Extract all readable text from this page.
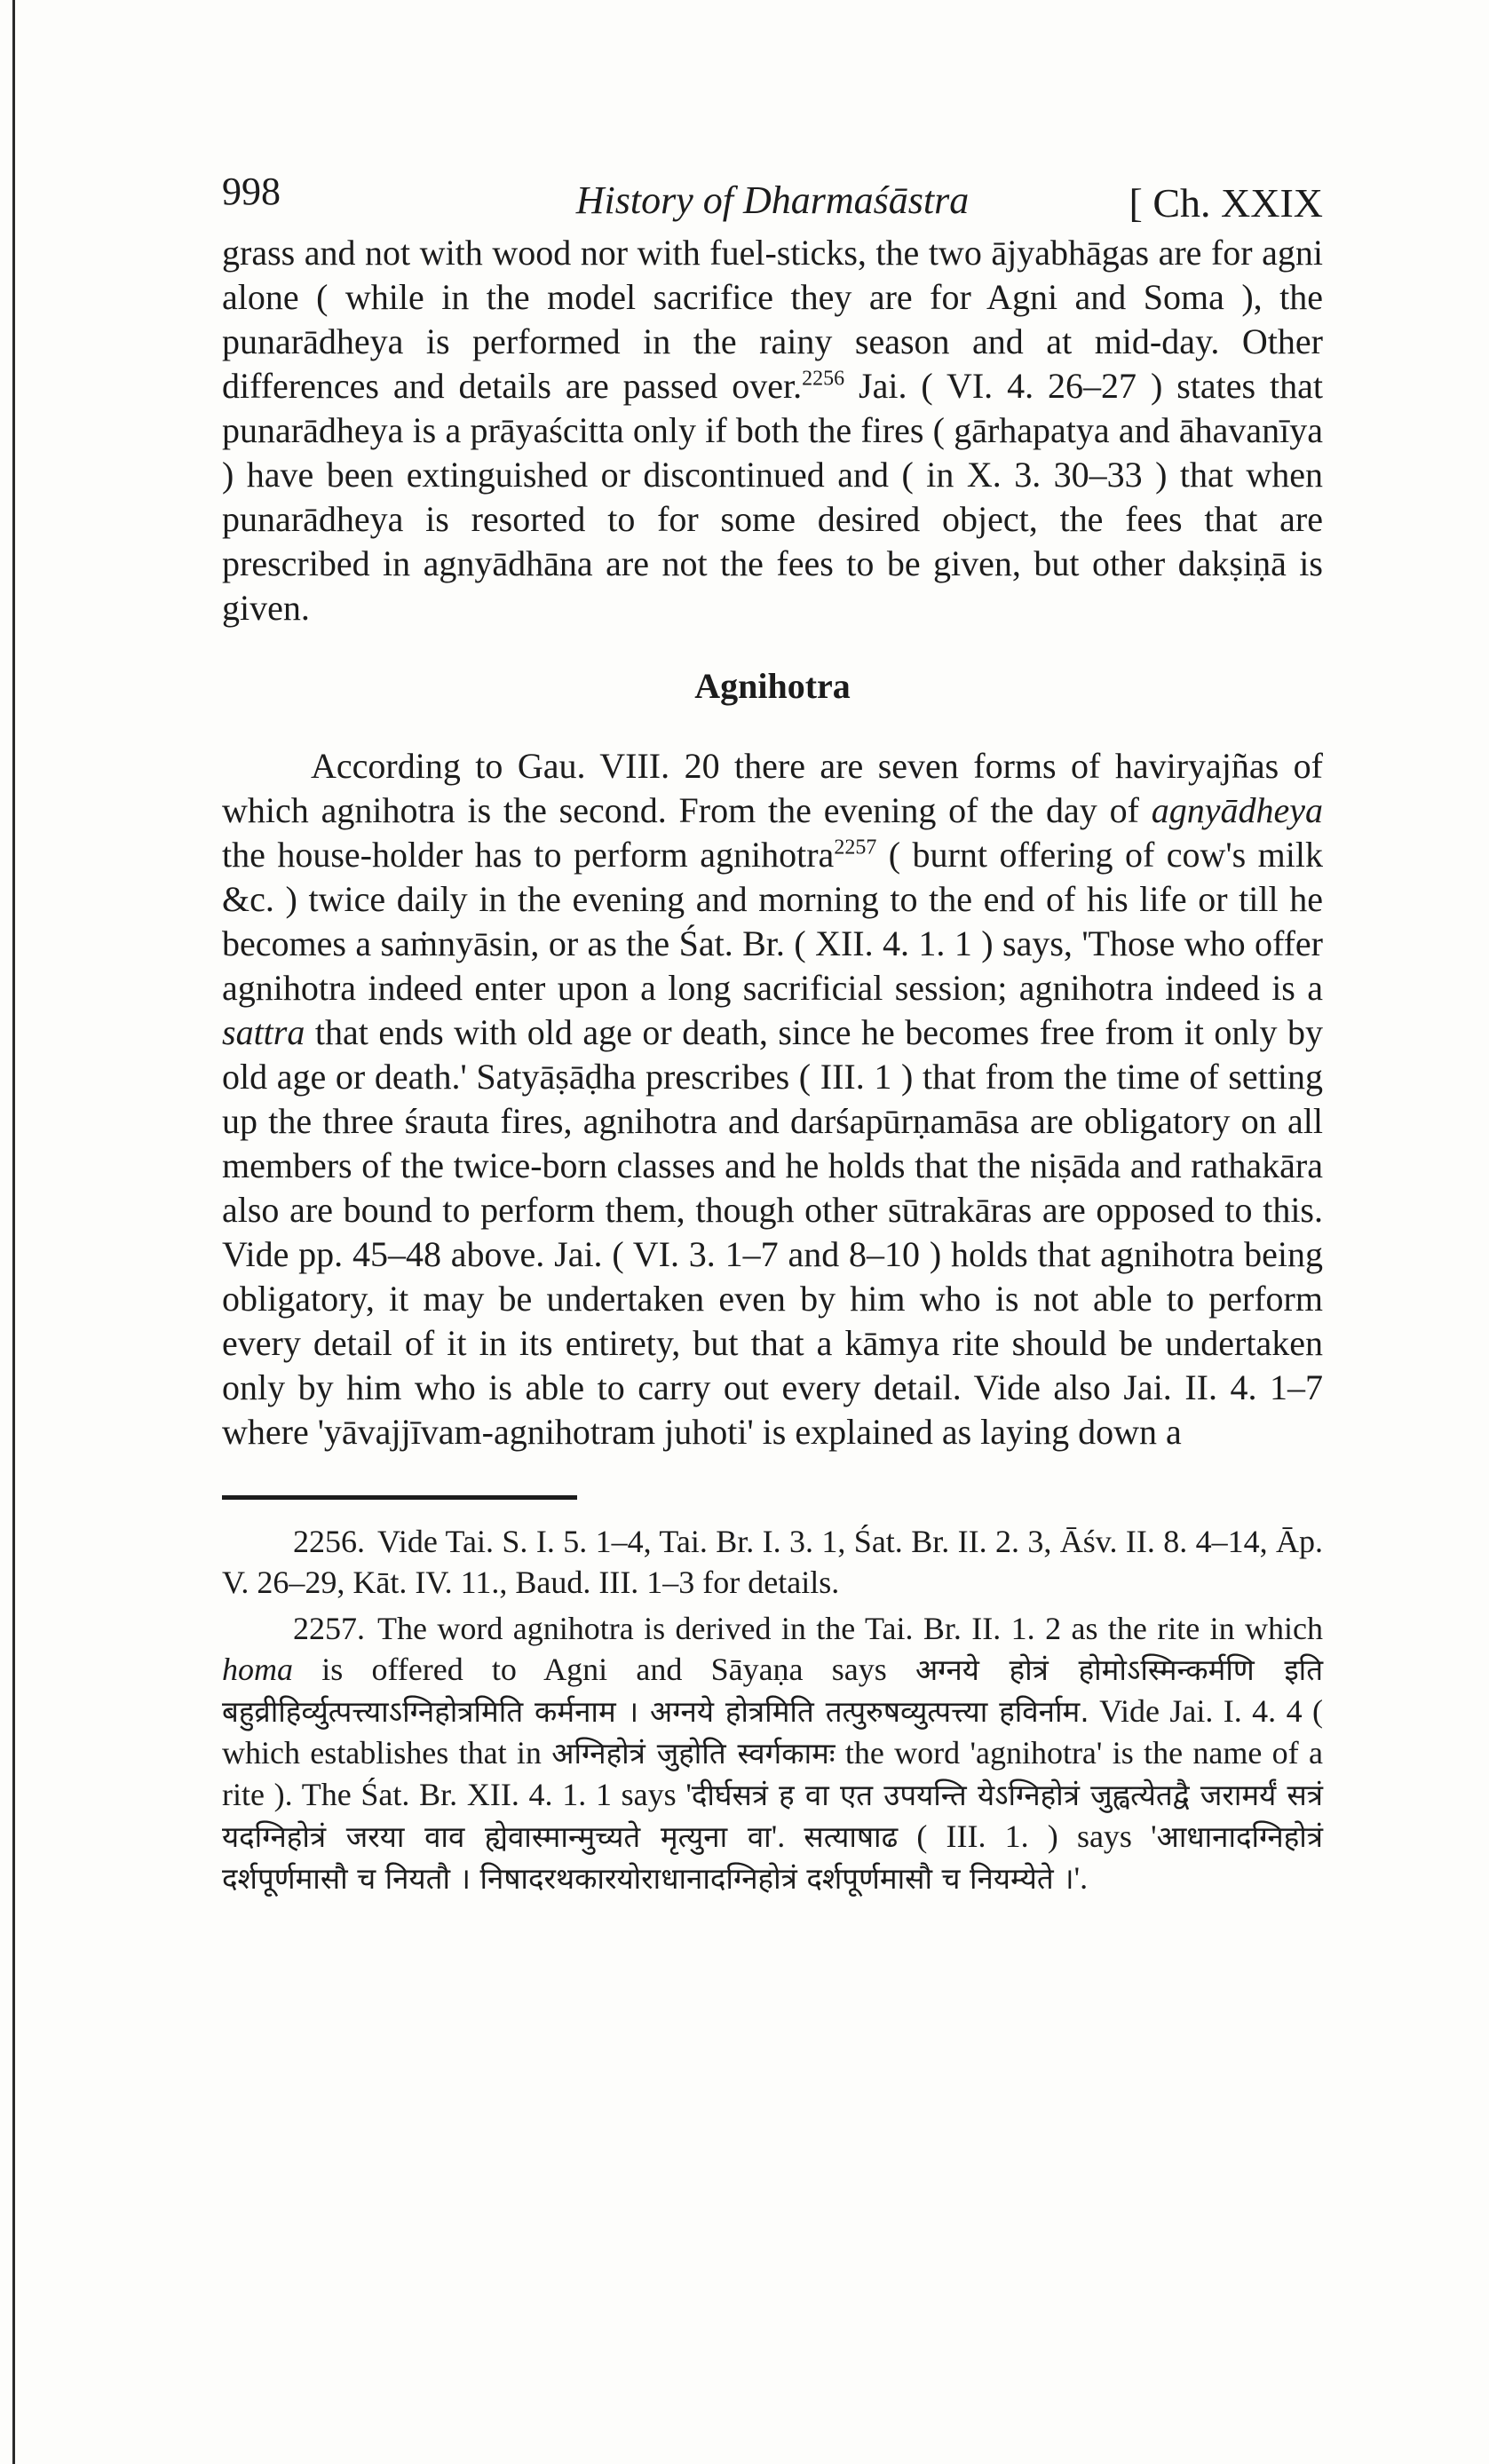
998	History of Dharmaśāstra	[ Ch. XXIX

grass and not with wood nor with fuel-sticks, the two ājyabhāgas are for agni alone ( while in the model sacrifice they are for Agni and Soma ), the punarādheya is performed in the rainy season and at mid-day. Other differences and details are passed over.$^{2256}$ Jai. ( VI. 4. 26–27 ) states that punarādheya is a prāyaścitta only if both the fires ( gārhapatya and āhavanīya ) have been extinguished or discontinued and ( in X. 3. 30–33 ) that when punarādheya is resorted to for some desired object, the fees that are prescribed in agnyādhāna are not the fees to be given, but other dakṣiṇā is given.

Agnihotra

According to Gau. VIII. 20 there are seven forms of haviryajñas of which agnihotra is the second. From the evening of the day of agnyādheya the house-holder has to perform agnihotra$^{2257}$ ( burnt offering of cow's milk &c. ) twice daily in the evening and morning to the end of his life or till he becomes a saṁnyāsin, or as the Śat. Br. ( XII. 4. 1. 1 ) says, 'Those who offer agnihotra indeed enter upon a long sacrificial session; agnihotra indeed is a sattra that ends with old age or death, since he becomes free from it only by old age or death.' Satyāṣāḍha prescribes ( III. 1 ) that from the time of setting up the three śrauta fires, agnihotra and darśapūrṇamāsa are obligatory on all members of the twice-born classes and he holds that the niṣāda and rathakāra also are bound to perform them, though other sūtrakāras are opposed to this. Vide pp. 45–48 above. Jai. ( VI. 3. 1–7 and 8–10 ) holds that agnihotra being obligatory, it may be undertaken even by him who is not able to perform every detail of it in its entirety, but that a kāmya rite should be undertaken only by him who is able to carry out every detail. Vide also Jai. II. 4. 1–7 where 'yāvajjīvam-agnihotram juhoti' is explained as laying down a

2256. Vide Tai. S. I. 5. 1–4, Tai. Br. I. 3. 1, Śat. Br. II. 2. 3, Āśv. II. 8. 4–14, Āp. V. 26–29, Kāt. IV. 11., Baud. III. 1–3 for details.

2257. The word agnihotra is derived in the Tai. Br. II. 1. 2 as the rite in which homa is offered to Agni and Sāyaṇa says अग्नये होत्रं होमोऽस्मिन्कर्मणि इति बहुव्रीहिर्व्युत्पत्त्याऽग्निहोत्रमिति कर्मनाम । अग्नये होत्रमिति तत्पुरुषव्युत्पत्त्या हविर्नाम. Vide Jai. I. 4. 4 ( which establishes that in अग्निहोत्रं जुहोति स्वर्गकामः the word 'agnihotra' is the name of a rite ). The Śat. Br. XII. 4. 1. 1 says 'दीर्घसत्रं ह वा एत उपयन्ति येऽग्निहोत्रं जुह्वत्येतद्वै जरामर्यं सत्रं यदग्निहोत्रं जरया वाव ह्येवास्मान्मुच्यते मृत्युना वा'. सत्याषाढ ( III. 1. ) says 'आधानादग्निहोत्रं दर्शपूर्णमासौ च नियतौ । निषादरथकारयोराधानादग्निहोत्रं दर्शपूर्णमासौ च नियम्येते ।'.
